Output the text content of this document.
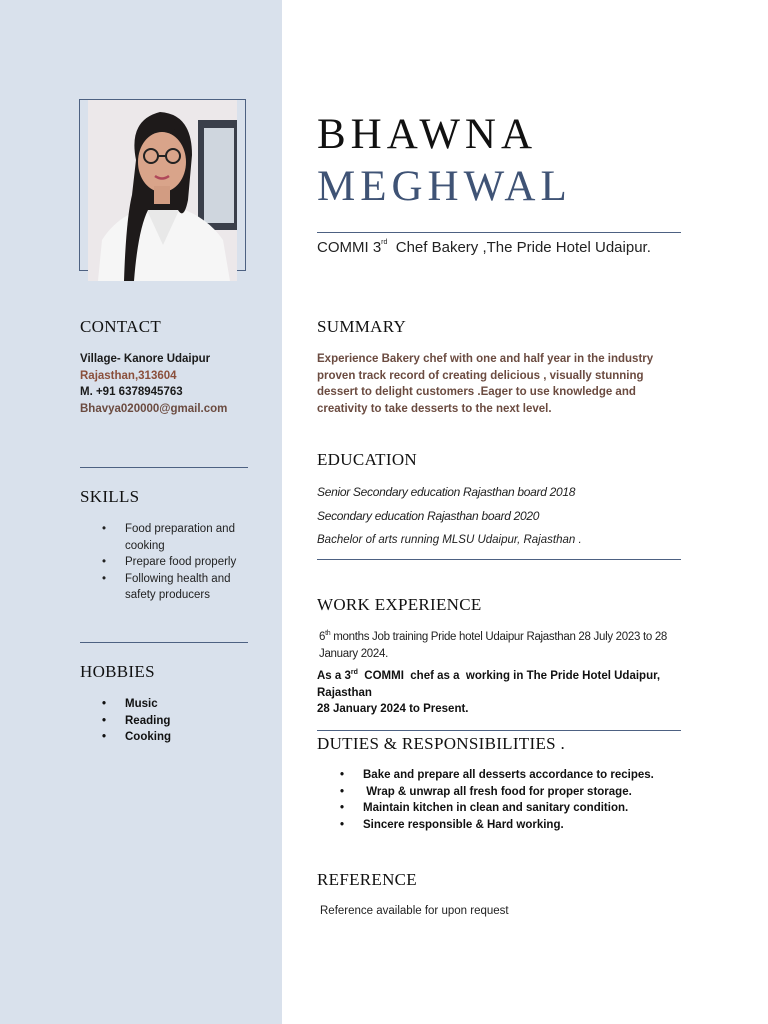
BHAWNA
MEGHWAL
COMMI 3rd  Chef Bakery ,The Pride Hotel Udaipur.
CONTACT
Village- Kanore Udaipur
Rajasthan,313604
M. +91 6378945763
Bhavya020000@gmail.com
SKILLS
• Food preparation and cooking
• Prepare food properly
• Following health and safety producers
HOBBIES
• Music
• Reading
• Cooking
SUMMARY
Experience Bakery chef with one and half year in the industry proven track record of creating delicious , visually stunning dessert to delight customers .Eager to use knowledge and creativity to take desserts to the next level.
EDUCATION
Senior Secondary education Rajasthan board 2018
Secondary education Rajasthan board 2020
Bachelor of arts running MLSU Udaipur, Rajasthan .
WORK EXPERIENCE
6th months Job training Pride hotel Udaipur Rajasthan 28 July 2023 to 28 January 2024.
As a 3rd  COMMI  chef as a  working in The Pride Hotel Udaipur, Rajasthan
28 January 2024 to Present.
DUTIES & RESPONSIBILITIES .
• Bake and prepare all desserts accordance to recipes.
•  Wrap & unwrap all fresh food for proper storage.
• Maintain kitchen in clean and sanitary condition.
• Sincere responsible & Hard working.
REFERENCE
Reference available for upon request
